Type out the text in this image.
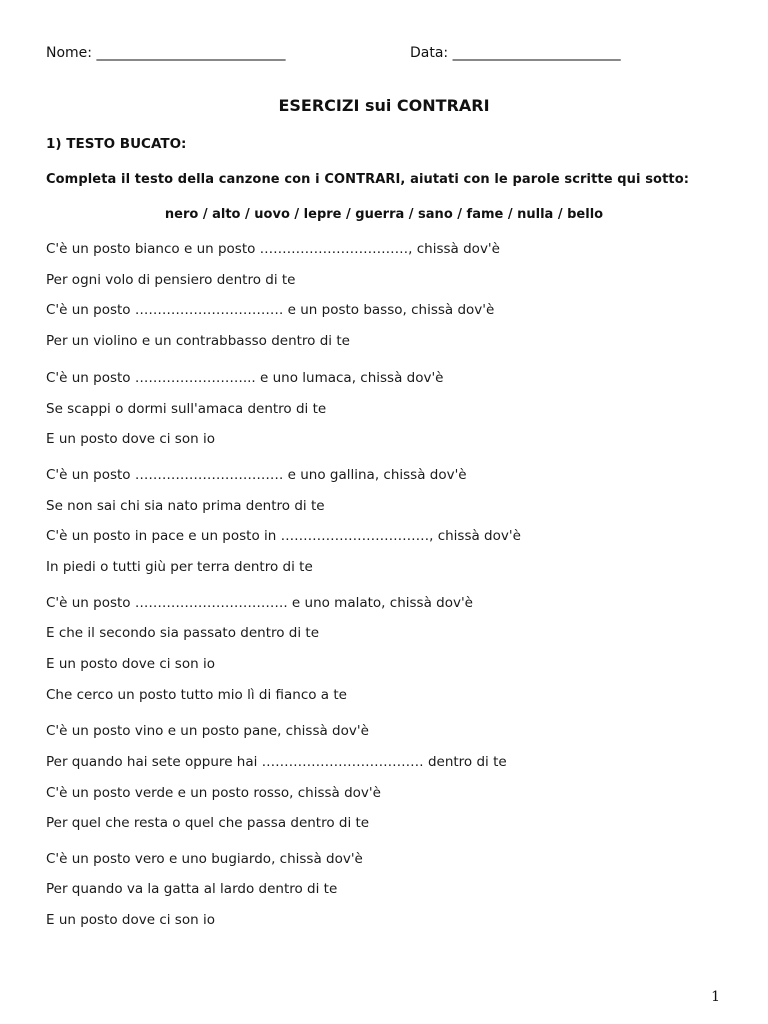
Nome: ___________________________	Data: ________________________
ESERCIZI sui CONTRARI
1) TESTO BUCATO:
Completa il testo della canzone con i CONTRARI, aiutati con le parole scritte qui sotto:
nero / alto / uovo / lepre / guerra / sano / fame / nulla / bello
C'è un posto bianco e un posto ……………………………, chissà dov'è
Per ogni volo di pensiero dentro di te
C'è un posto …………………………… e un posto basso, chissà dov'è
Per un violino e un contrabbasso dentro di te
C'è un posto ……………………... e uno lumaca, chissà dov'è
Se scappi o dormi sull'amaca dentro di te
E un posto dove ci son io
C'è un posto …………………………… e uno gallina, chissà dov'è
Se non sai chi sia nato prima dentro di te
C'è un posto in pace e un posto in ……………………………, chissà dov'è
In piedi o tutti giù per terra dentro di te
C'è un posto ……………………………. e uno malato, chissà dov'è
E che il secondo sia passato dentro di te
E un posto dove ci son io
Che cerco un posto tutto mio lì di fianco a te
C'è un posto vino e un posto pane, chissà dov'è
Per quando hai sete oppure hai ……………………………… dentro di te
C'è un posto verde e un posto rosso, chissà dov'è
Per quel che resta o quel che passa dentro di te
C'è un posto vero e uno bugiardo, chissà dov'è
Per quando va la gatta al lardo dentro di te
E un posto dove ci son io
1
